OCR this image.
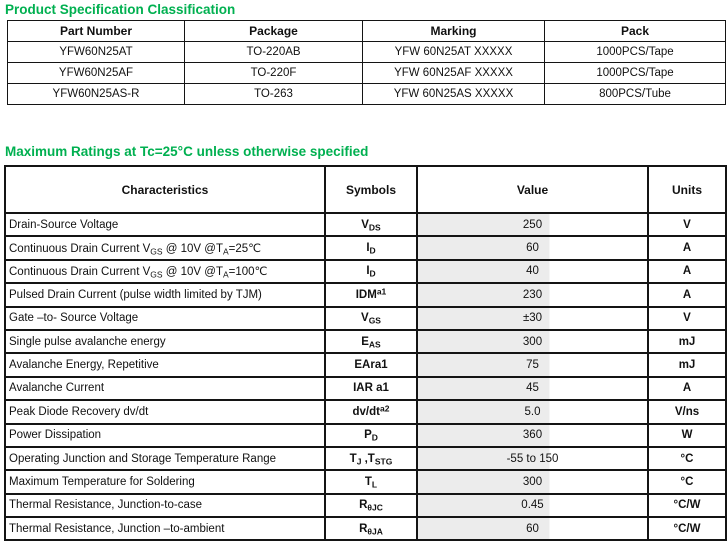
Product Specification Classification
Part Number	Package	Marking	Pack
YFW60N25AT	TO-220AB	YFW 60N25AT XXXXX	1000PCS/Tape
YFW60N25AF	TO-220F	YFW 60N25AF XXXXX	1000PCS/Tape
YFW60N25AS-R	TO-263	YFW 60N25AS XXXXX	800PCS/Tube
Maximum Ratings at Tc=25°C unless otherwise specified
Characteristics	Symbols	Value	Units
Drain-Source Voltage	$V_{DS}$	250	V
Continuous Drain Current $V_{GS}$ @ 10V $@T_A=25℃$	$I_D$	60	A
Continuous Drain Current $V_{GS}$ @ 10V $@T_A=100℃$	$I_D$	40	A
Pulsed Drain Current (pulse width limited by TJM)	$IDM^{a1}$	230	A
Gate –to- Source Voltage	$V_{GS}$	±30	V
Single pulse avalanche energy	$E_{AS}$	300	mJ
Avalanche Energy, Repetitive	EAra1	75	mJ
Avalanche Current	IAR a1	45	A
Peak Diode Recovery dv/dt	$dv/dt^{a2}$	5.0	V/ns
Power Dissipation	$P_D$	360	W
Operating Junction and Storage Temperature Range	$T_J$ $,T_{STG}$	-55 to 150	°C
Maximum Temperature for Soldering	$T_L$	300	°C
Thermal Resistance, Junction-to-case	$R_{\theta JC}$	0.45	°C/W
Thermal Resistance, Junction –to-ambient	$R_{\theta JA}$	60	°C/W
